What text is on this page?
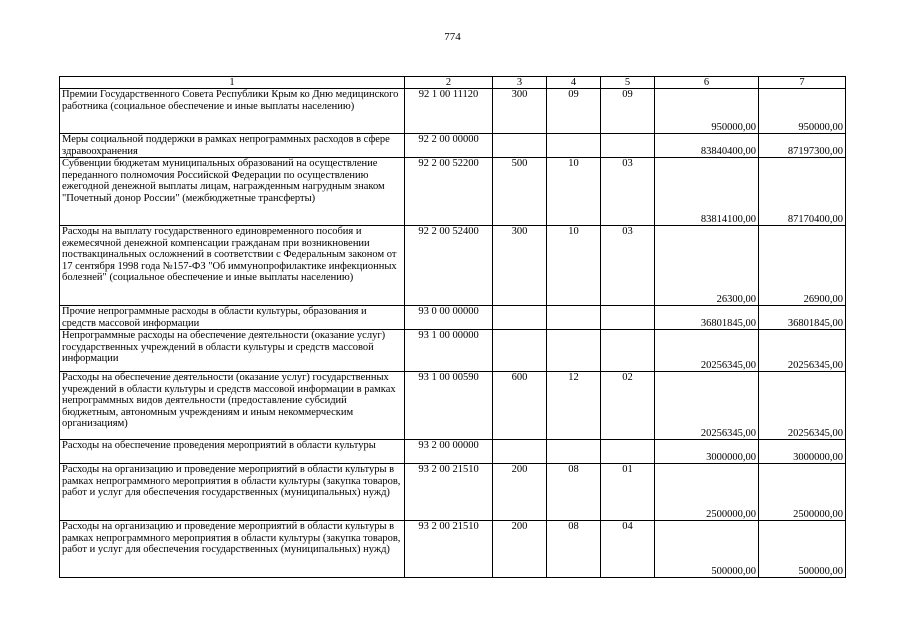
774
1	2	3	4	5	6	7
Премии Государственного Совета Республики Крым ко Дню медицинского работника (социальное обеспечение и иные выплаты населению)	92 1 00 11120	300	09	09	950000,00	950000,00
Меры социальной поддержки в рамках непрограммных расходов в сфере здравоохранения	92 2 00 00000				83840400,00	87197300,00
Субвенции бюджетам муниципальных образований на осуществление переданного полномочия Российской Федерации по осуществлению ежегодной денежной выплаты лицам, награжденным нагрудным знаком "Почетный донор России" (межбюджетные трансферты)	92 2 00 52200	500	10	03	83814100,00	87170400,00
Расходы на выплату государственного единовременного пособия и ежемесячной денежной компенсации гражданам при возникновении поствакцинальных осложнений в соответствии с Федеральным законом от 17 сентября 1998 года №157-ФЗ "Об иммунопрофилактике инфекционных болезней" (социальное обеспечение и иные выплаты населению)	92 2 00 52400	300	10	03	26300,00	26900,00
Прочие непрограммные расходы в области культуры, образования и средств массовой информации	93 0 00 00000				36801845,00	36801845,00
Непрограммные расходы на обеспечение деятельности (оказание услуг) государственных учреждений в области культуры и средств массовой информации	93 1 00 00000				20256345,00	20256345,00
Расходы на обеспечение деятельности (оказание услуг) государственных учреждений в области культуры и средств массовой информации в рамках непрограммных видов деятельности (предоставление субсидий бюджетным, автономным учреждениям и иным некоммерческим организациям)	93 1 00 00590	600	12	02	20256345,00	20256345,00
Расходы на обеспечение проведения мероприятий в области культуры	93 2 00 00000				3000000,00	3000000,00
Расходы на организацию и проведение мероприятий в области культуры в рамках непрограммного мероприятия в области культуры (закупка товаров, работ и услуг для обеспечения государственных (муниципальных) нужд)	93 2 00 21510	200	08	01	2500000,00	2500000,00
Расходы на организацию и проведение мероприятий в области культуры в рамках непрограммного мероприятия в области культуры (закупка товаров, работ и услуг для обеспечения государственных (муниципальных) нужд)	93 2 00 21510	200	08	04	500000,00	500000,00
